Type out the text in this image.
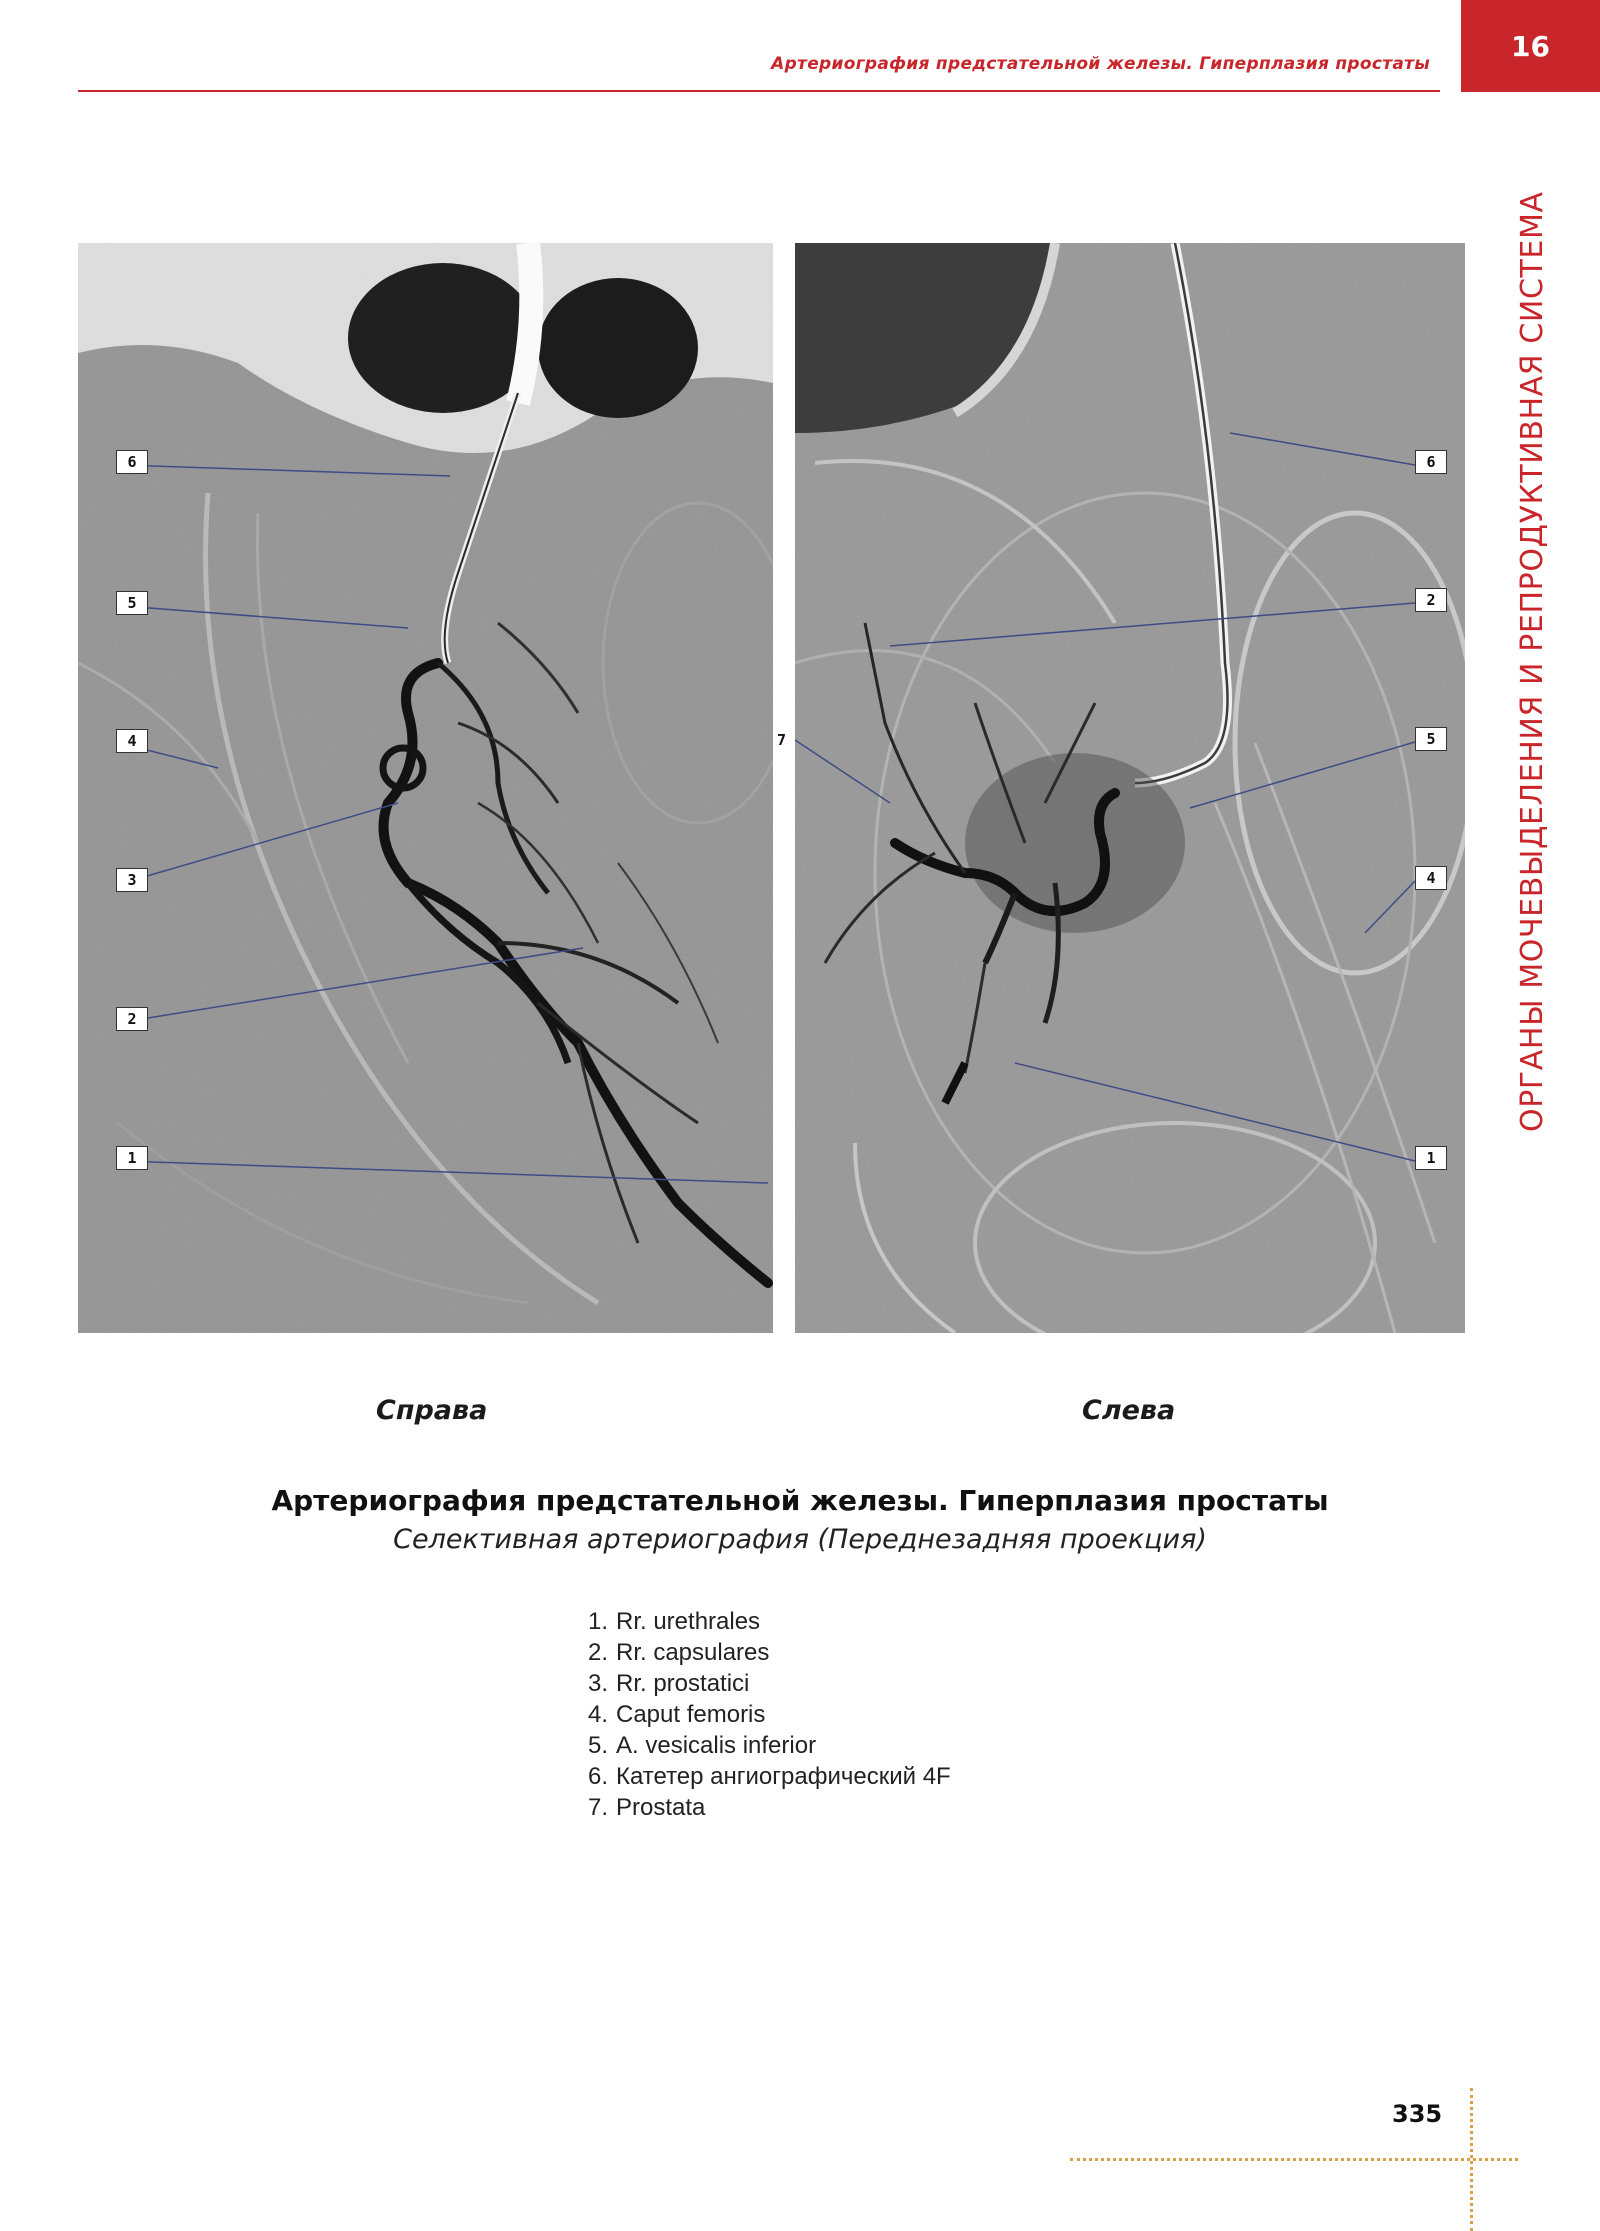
Артериография предстательной железы. Гиперплазия простаты
16
ОРГАНЫ МОЧЕВЫДЕЛЕНИЯ И РЕПРОДУКТИВНАЯ СИСТЕМА
6
5
4
3
2
1
7
6
2
5
4
1
Справа	Слева
Артериография предстательной железы. Гиперплазия простаты
Селективная артериография (Переднезадняя проекция)
1. Rr. urethrales
2. Rr. capsulares
3. Rr. prostatici
4. Caput femoris
5. A. vesicalis inferior
6. Катетер ангиографический 4F
7. Prostata
335
